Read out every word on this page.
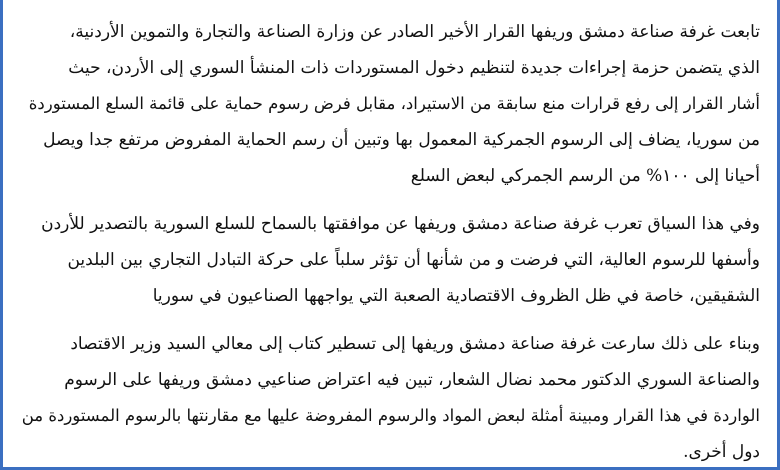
تابعت غرفة صناعة دمشق وريفها القرار الأخير الصادر عن وزارة الصناعة والتجارة والتموين الأردنية،

الذي يتضمن حزمة إجراءات جديدة لتنظيم دخول المستوردات ذات المنشأ السوري إلى الأردن، حيث

أشار القرار إلى رفع قرارات منع سابقة من الاستيراد، مقابل فرض رسوم حماية على قائمة السلع المستوردة

من سوريا، يضاف إلى الرسوم الجمركية المعمول بها وتبين أن رسم الحماية المفروض مرتفع جدا ويصل

أحيانا إلى ١٠٠% من الرسم الجمركي لبعض السلع

وفي هذا السياق تعرب غرفة صناعة دمشق وريفها عن موافقتها بالسماح للسلع السورية بالتصدير للأردن

وأسفها للرسوم العالية، التي فرضت و من شأنها أن تؤثر سلباً على حركة التبادل التجاري بين البلدين

الشقيقين، خاصة في ظل الظروف الاقتصادية الصعبة التي يواجهها الصناعيون في سوريا

وبناء على ذلك سارعت غرفة صناعة دمشق وريفها إلى تسطير كتاب إلى معالي السيد وزير الاقتصاد

والصناعة السوري الدكتور محمد نضال الشعار، تبين فيه اعتراض صناعيي دمشق وريفها على الرسوم

الواردة في هذا القرار ومبينة أمثلة لبعض المواد والرسوم المفروضة عليها مع مقارنتها بالرسوم المستوردة من

دول أخرى.
